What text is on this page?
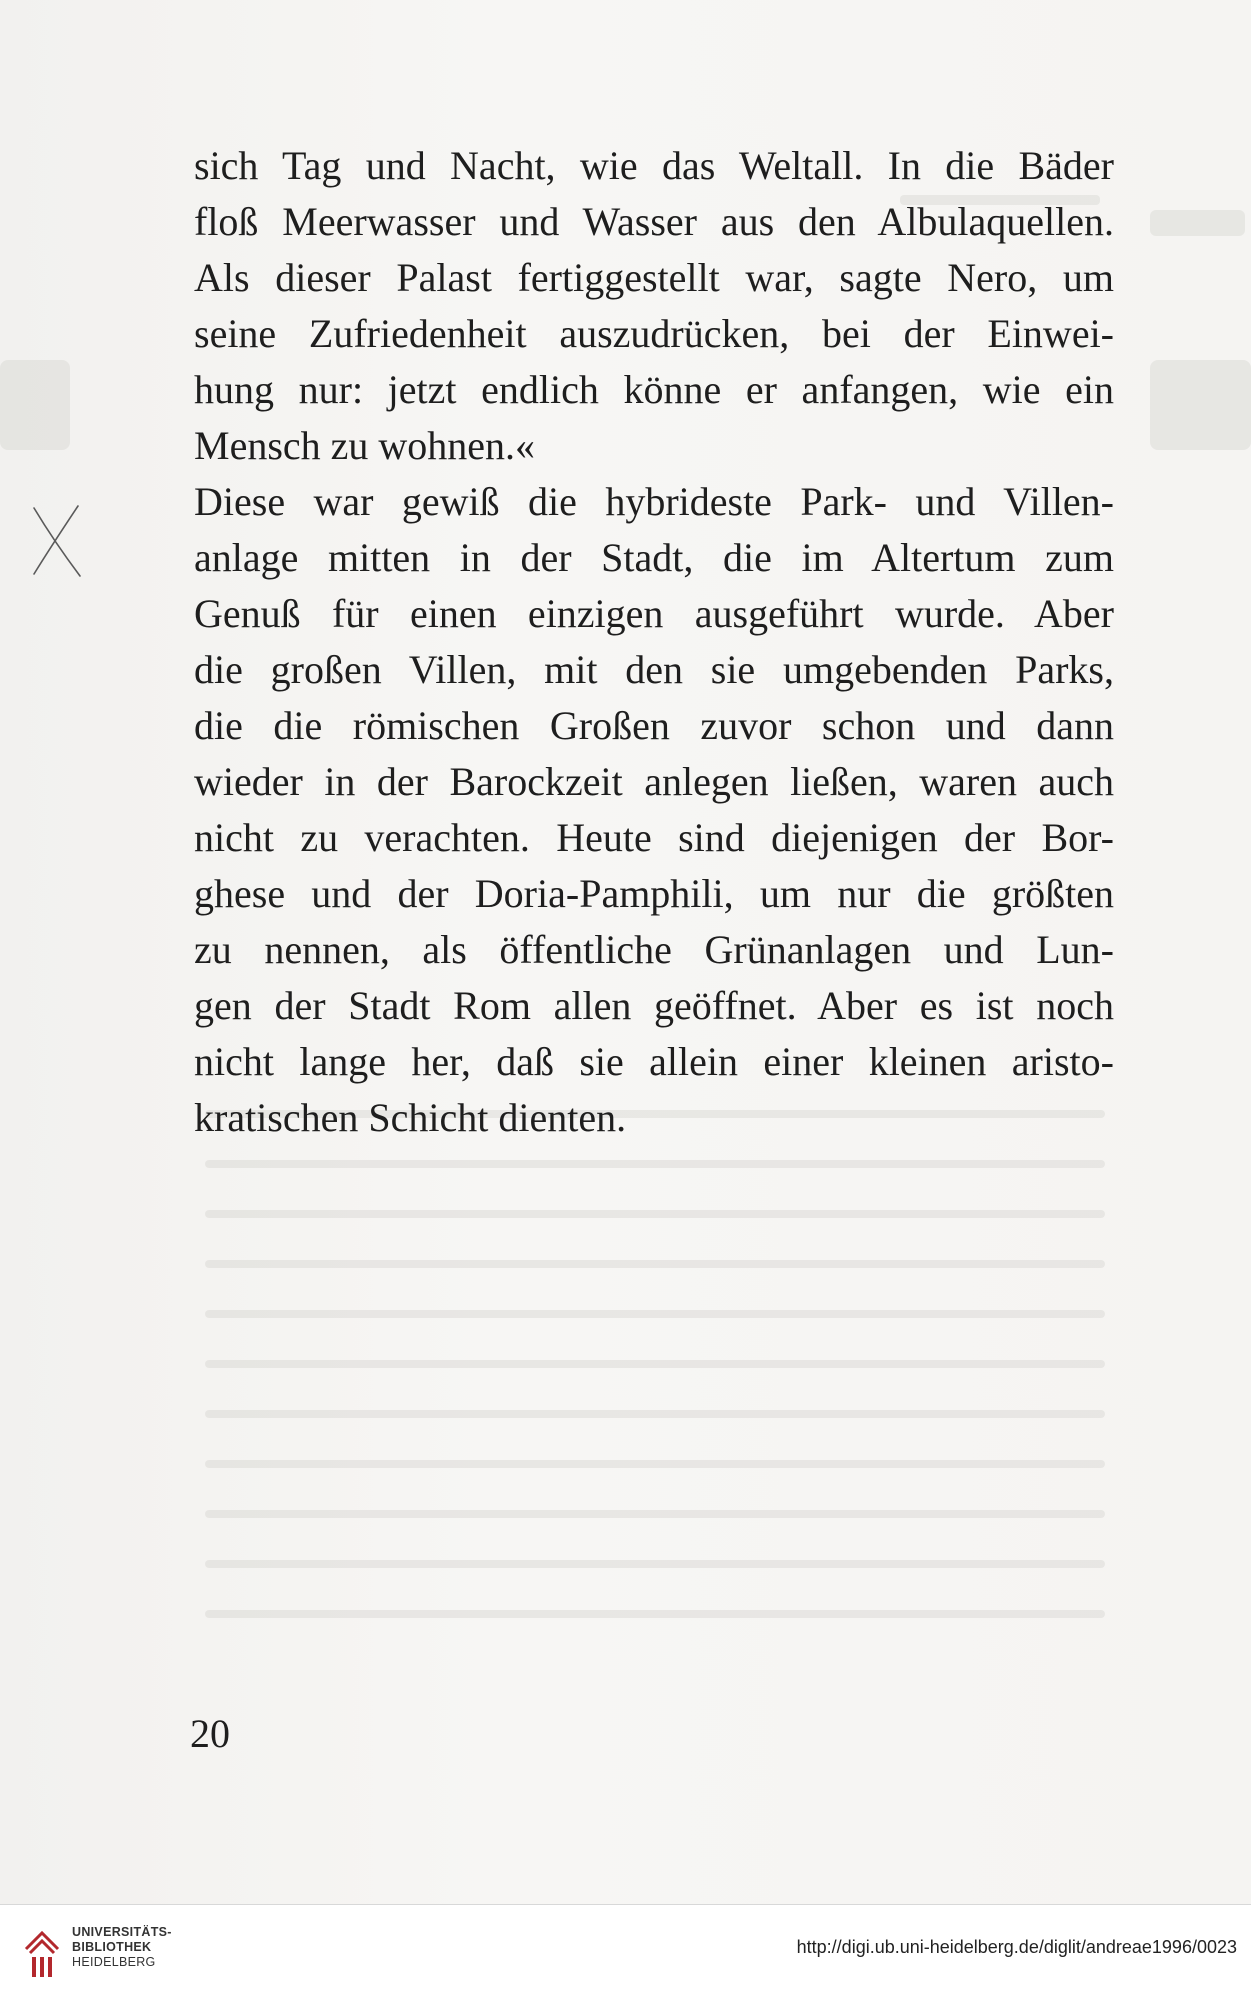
sich Tag und Nacht, wie das Weltall. In die Bäder
floß Meerwasser und Wasser aus den Albulaquellen.
Als dieser Palast fertiggestellt war, sagte Nero, um
seine Zufriedenheit auszudrücken, bei der Einwei-
hung nur: jetzt endlich könne er anfangen, wie ein
Mensch zu wohnen.«
Diese war gewiß die hybrideste Park- und Villen-
anlage mitten in der Stadt, die im Altertum zum
Genuß für einen einzigen ausgeführt wurde. Aber
die großen Villen, mit den sie umgebenden Parks,
die die römischen Großen zuvor schon und dann
wieder in der Barockzeit anlegen ließen, waren auch
nicht zu verachten. Heute sind diejenigen der Bor-
ghese und der Doria-Pamphili, um nur die größten
zu nennen, als öffentliche Grünanlagen und Lun-
gen der Stadt Rom allen geöffnet. Aber es ist noch
nicht lange her, daß sie allein einer kleinen aristo-
kratischen Schicht dienten.
20
UNIVERSITÄTS-
BIBLIOTHEK
HEIDELBERG
http://digi.ub.uni-heidelberg.de/diglit/andreae1996/0023
